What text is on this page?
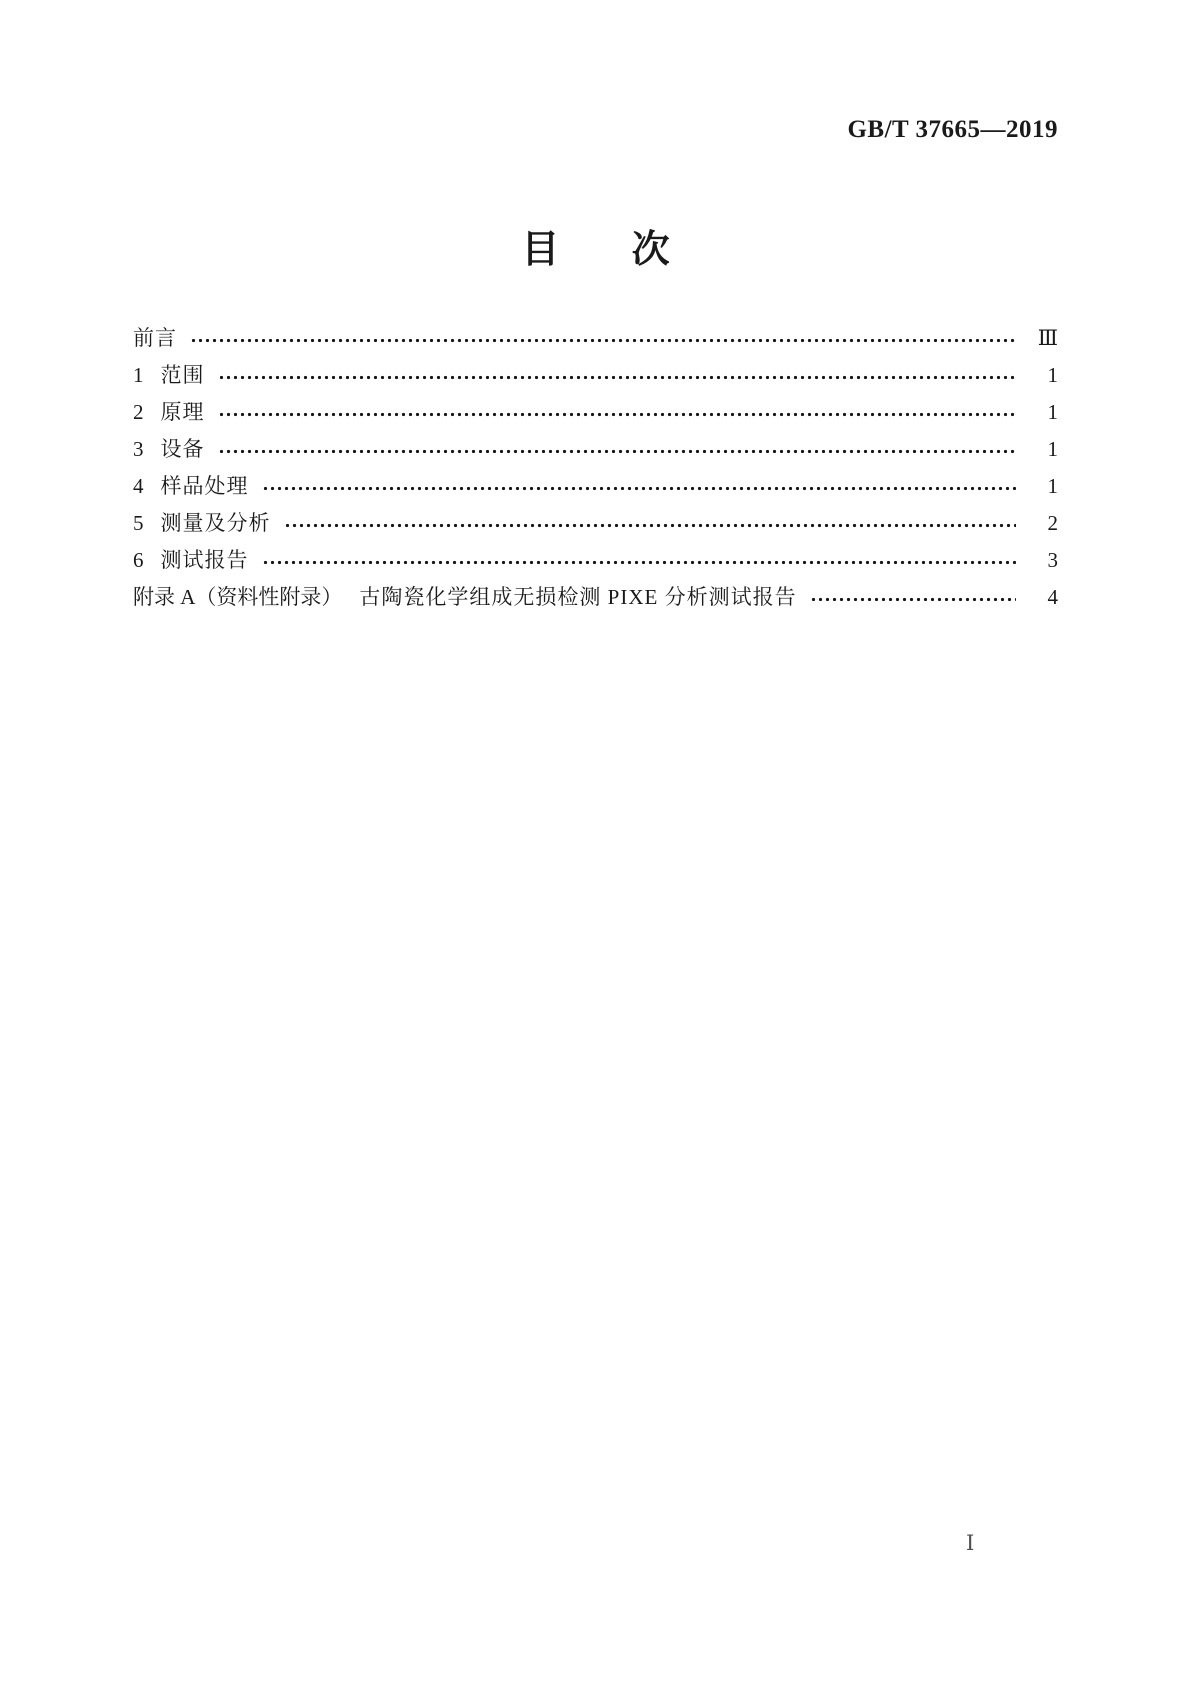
GB/T 37665—2019
目　次
前言	Ⅲ
1 范围	1
2 原理	1
3 设备	1
4 样品处理	1
5 测量及分析	2
6 测试报告	3
附录 A（资料性附录） 古陶瓷化学组成无损检测 PIXE 分析测试报告	4
Ⅰ
